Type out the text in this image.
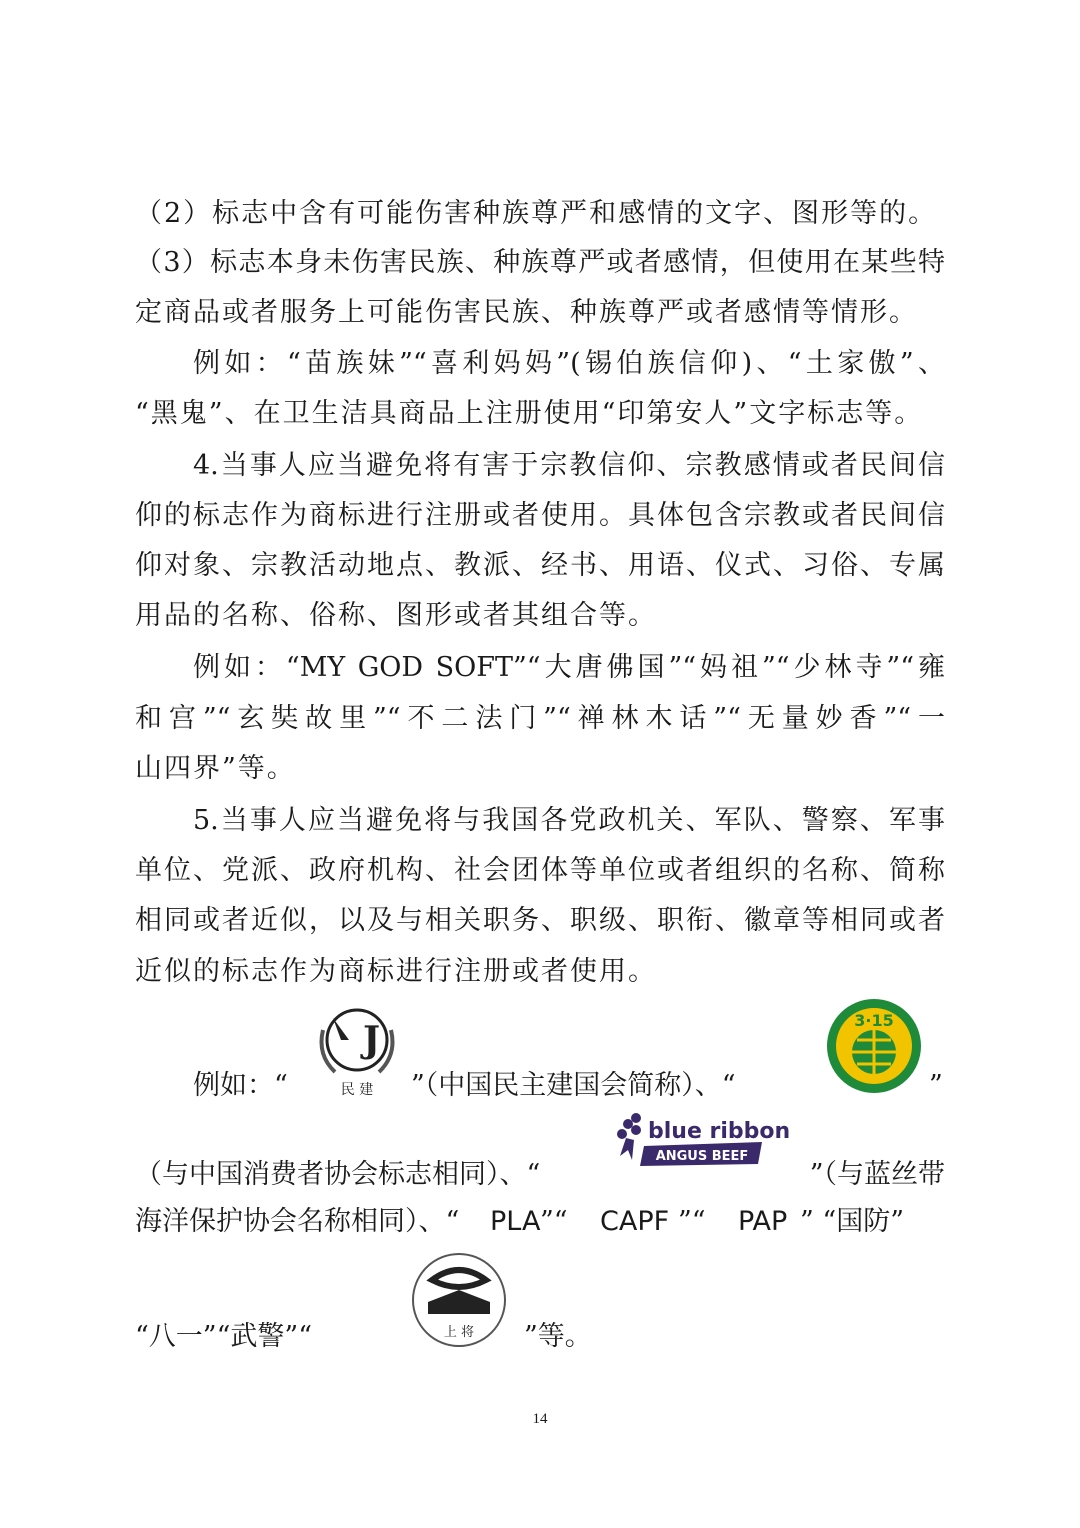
（2）标志中含有可能伤害种族尊严和感情的文字、图形等的。
（3）标志本身未伤害民族、种族尊严或者感情，但使用在某些特
定商品或者服务上可能伤害民族、种族尊严或者感情等情形。
例如：“苗族妹”“喜利妈妈”(锡伯族信仰)、“土家傲”、
“黑鬼”、在卫生洁具商品上注册使用“印第安人”文字标志等。
4.当事人应当避免将有害于宗教信仰、宗教感情或者民间信
仰的标志作为商标进行注册或者使用。具体包含宗教或者民间信
仰对象、宗教活动地点、教派、经书、用语、仪式、习俗、专属
用品的名称、俗称、图形或者其组合等。
例如：“MY GOD SOFT”“大唐佛国”“妈祖”“少林寺”“雍
和宫”“玄奘故里”“不二法门”“禅林木话”“无量妙香”“一
山四界”等。
5.当事人应当避免将与我国各党政机关、军队、警察、军事
单位、党派、政府机构、社会团体等单位或者组织的名称、简称
相同或者近似，以及与相关职务、职级、职衔、徽章等相同或者
近似的标志作为商标进行注册或者使用。
例如：“
J
民 建 ”（中国民主建国会简称）、“
3·15
”
（与中国消费者协会标志相同）、“
blue ribbon
ANGUS BEEF
”（与蓝丝带
海洋保护协会名称相同）、“ PLA ”“ CAPF ”“ PAP ” “国防”
“八一”“武警”“	上 将 ”等。
14
